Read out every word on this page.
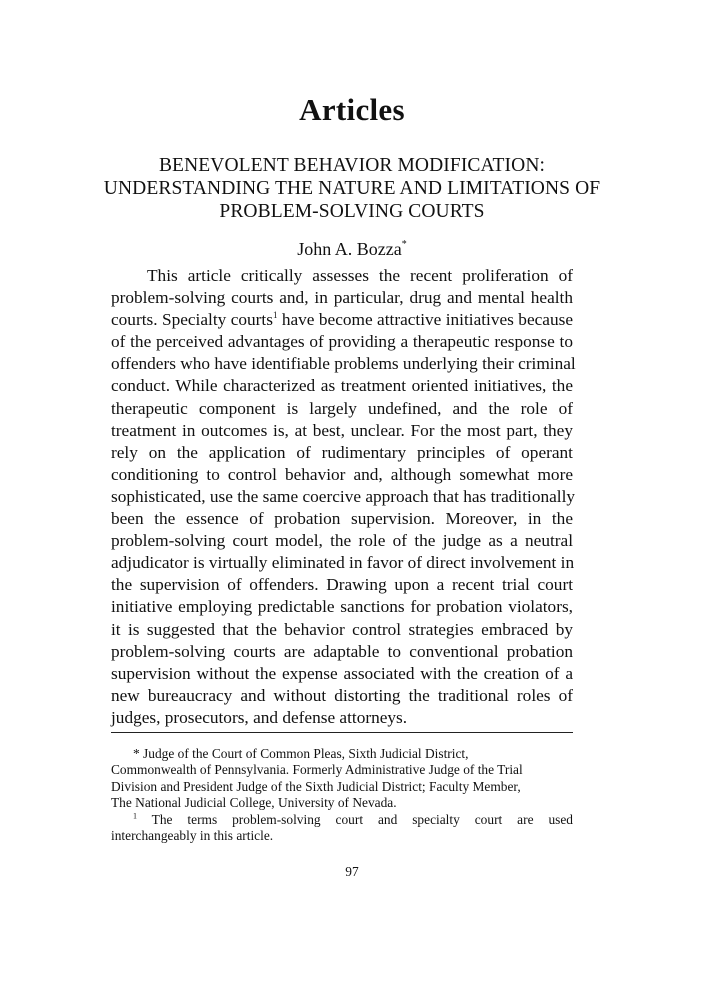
Articles
BENEVOLENT BEHAVIOR MODIFICATION:
UNDERSTANDING THE NATURE AND LIMITATIONS OF
PROBLEM-SOLVING COURTS
John A. Bozza*
This article critically assesses the recent proliferation of
problem-solving courts and, in particular, drug and mental health
courts. Specialty courts$^1$ have become attractive initiatives because
of the perceived advantages of providing a therapeutic response to
offenders who have identifiable problems underlying their criminal
conduct. While characterized as treatment oriented initiatives, the
therapeutic component is largely undefined, and the role of
treatment in outcomes is, at best, unclear. For the most part, they
rely on the application of rudimentary principles of operant
conditioning to control behavior and, although somewhat more
sophisticated, use the same coercive approach that has traditionally
been the essence of probation supervision. Moreover, in the
problem-solving court model, the role of the judge as a neutral
adjudicator is virtually eliminated in favor of direct involvement in
the supervision of offenders. Drawing upon a recent trial court
initiative employing predictable sanctions for probation violators,
it is suggested that the behavior control strategies embraced by
problem-solving courts are adaptable to conventional probation
supervision without the expense associated with the creation of a
new bureaucracy and without distorting the traditional roles of
judges, prosecutors, and defense attorneys.
* Judge of the Court of Common Pleas, Sixth Judicial District,
Commonwealth of Pennsylvania. Formerly Administrative Judge of the Trial
Division and President Judge of the Sixth Judicial District; Faculty Member,
The National Judicial College, University of Nevada.
$^1$ The terms problem-solving court and specialty court are used
interchangeably in this article.
97
